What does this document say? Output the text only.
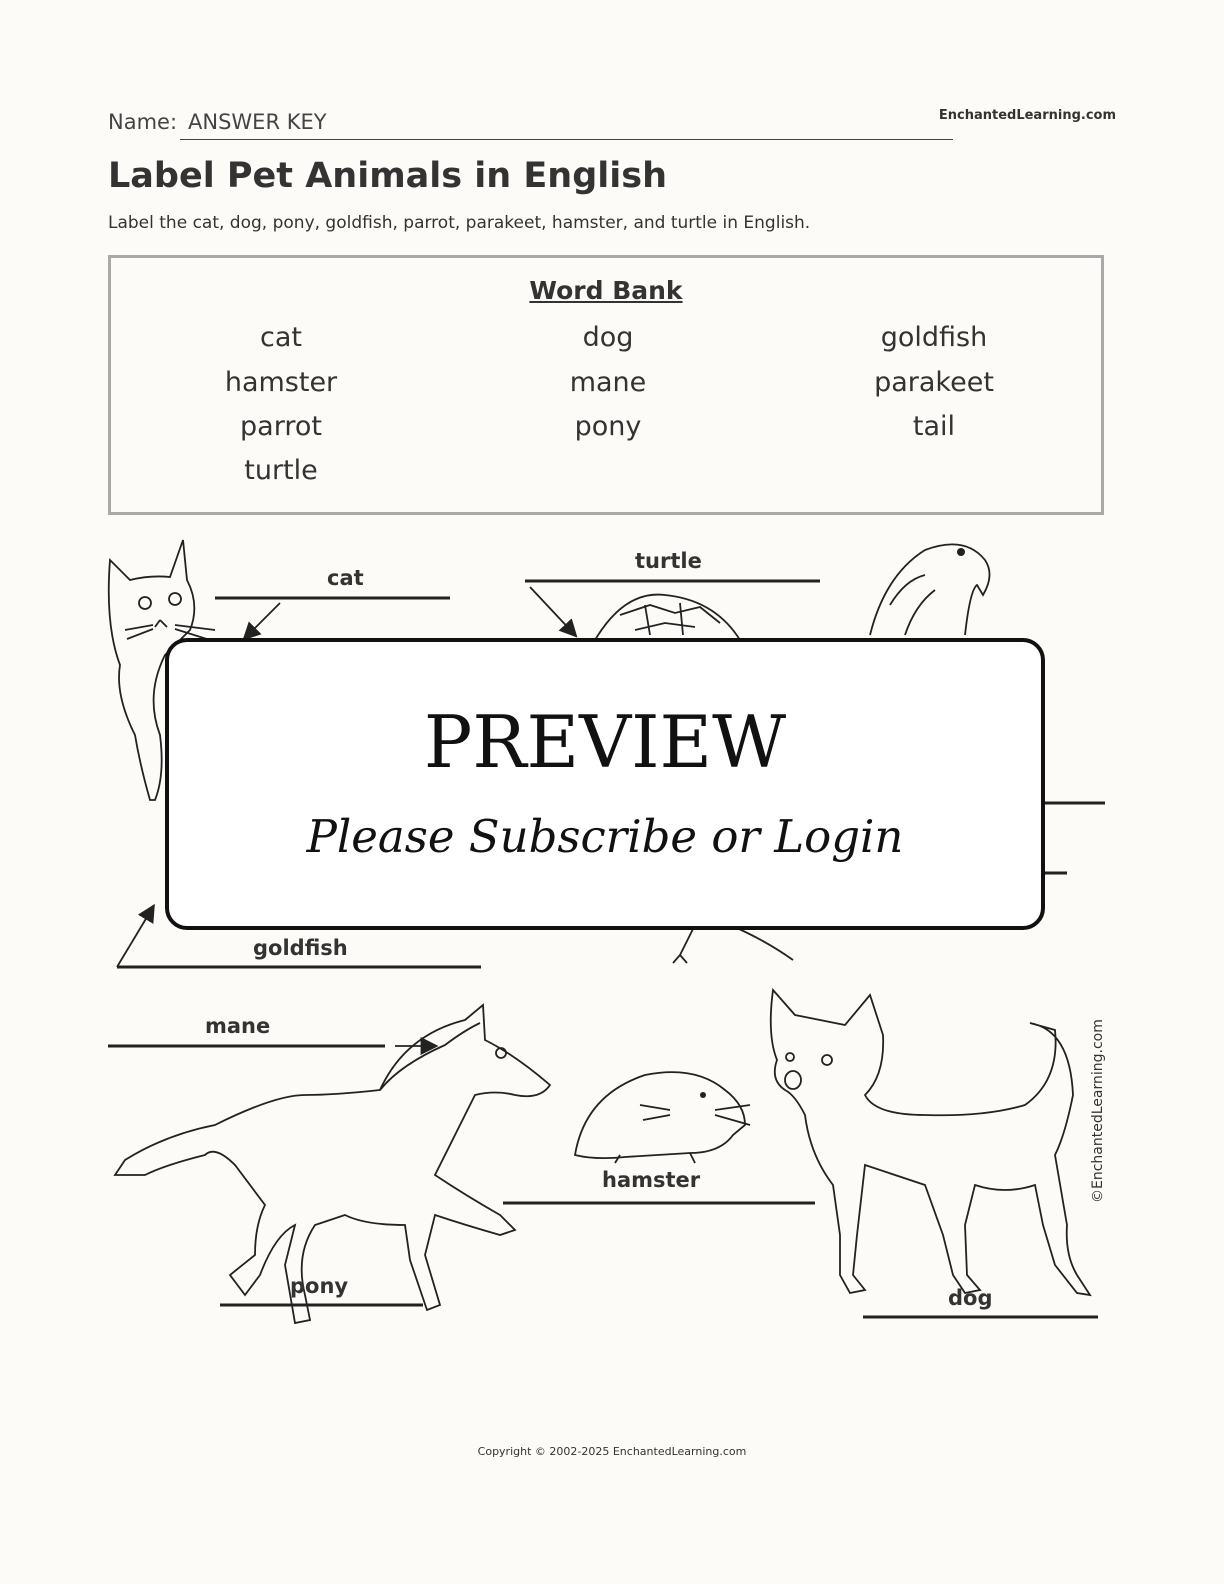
Name: ANSWER KEY	EnchantedLearning.com
Label Pet Animals in English
Label the cat, dog, pony, goldfish, parrot, parakeet, hamster, and turtle in English.
Word Bank
cat	dog	goldfish
hamster	mane	parakeet
parrot	pony	tail
turtle
cat
turtle
goldfish
mane
pony
hamster
dog
©EnchantedLearning.com
PREVIEW
Please Subscribe or Login
Copyright © 2002-2025 EnchantedLearning.com
